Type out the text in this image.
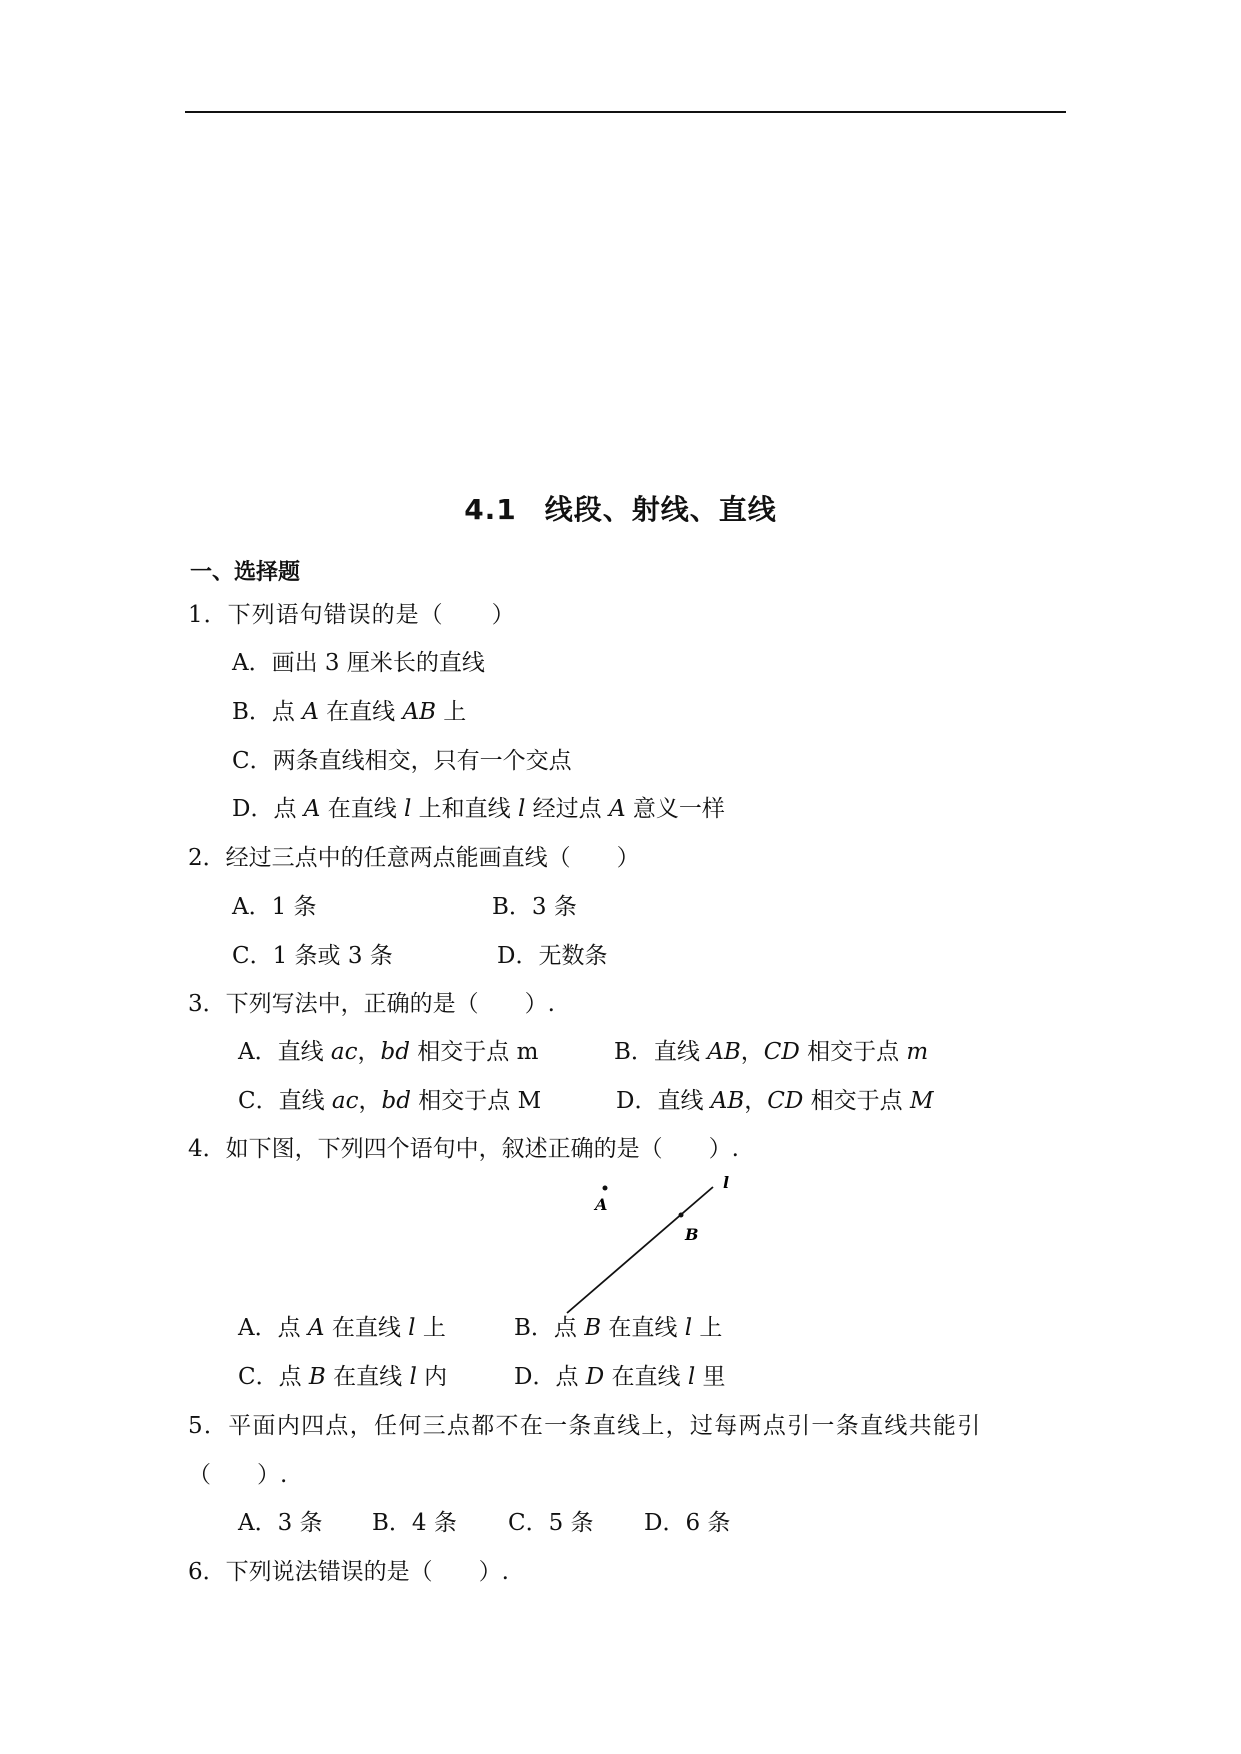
4.1 线段、射线、直线
一、选择题
1．下列语句错误的是（　　）
A．画出 3 厘米长的直线
B．点 A 在直线 AB 上
C．两条直线相交，只有一个交点
D．点 A 在直线 l 上和直线 l 经过点 A 意义一样
2．经过三点中的任意两点能画直线（　　）
A．1 条	B．3 条
C．1 条或 3 条	D．无数条
3．下列写法中，正确的是（　　）.
A．直线 ac，bd 相交于点 m	B．直线 AB，CD 相交于点 m
C．直线 ac，bd 相交于点 M	D．直线 AB，CD 相交于点 M
4．如下图，下列四个语句中，叙述正确的是（　　）.
A
B
l
A．点 A 在直线 l 上	B．点 B 在直线 l 上
C．点 B 在直线 l 内	D．点 D 在直线 l 里
5．平面内四点，任何三点都不在一条直线上，过每两点引一条直线共能引
（　　）.
A．3 条 B．4 条 C．5 条 D．6 条
6．下列说法错误的是（　　）.
